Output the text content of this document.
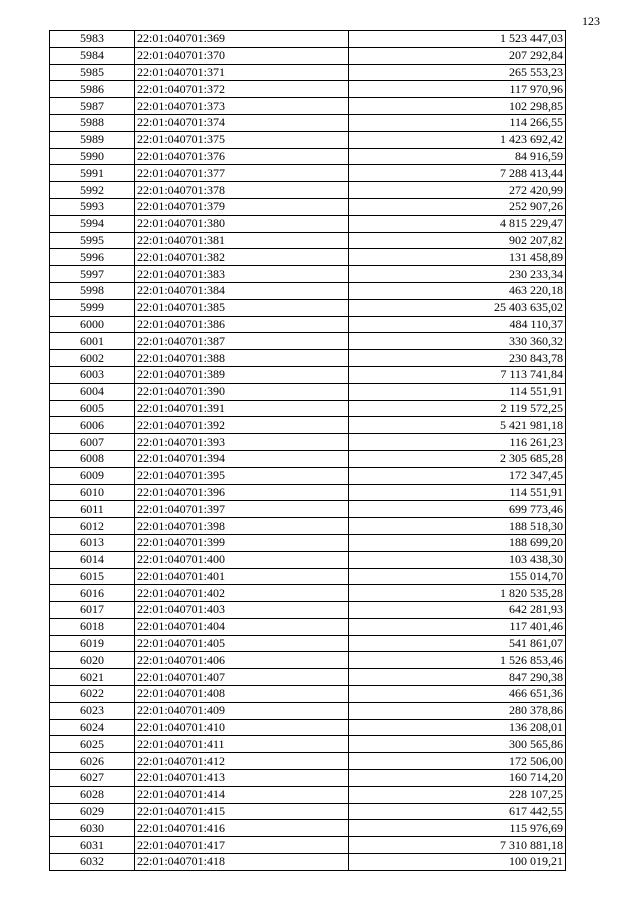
123
5983	22:01:040701:369	1 523 447,03
5984	22:01:040701:370	207 292,84
5985	22:01:040701:371	265 553,23
5986	22:01:040701:372	117 970,96
5987	22:01:040701:373	102 298,85
5988	22:01:040701:374	114 266,55
5989	22:01:040701:375	1 423 692,42
5990	22:01:040701:376	84 916,59
5991	22:01:040701:377	7 288 413,44
5992	22:01:040701:378	272 420,99
5993	22:01:040701:379	252 907,26
5994	22:01:040701:380	4 815 229,47
5995	22:01:040701:381	902 207,82
5996	22:01:040701:382	131 458,89
5997	22:01:040701:383	230 233,34
5998	22:01:040701:384	463 220,18
5999	22:01:040701:385	25 403 635,02
6000	22:01:040701:386	484 110,37
6001	22:01:040701:387	330 360,32
6002	22:01:040701:388	230 843,78
6003	22:01:040701:389	7 113 741,84
6004	22:01:040701:390	114 551,91
6005	22:01:040701:391	2 119 572,25
6006	22:01:040701:392	5 421 981,18
6007	22:01:040701:393	116 261,23
6008	22:01:040701:394	2 305 685,28
6009	22:01:040701:395	172 347,45
6010	22:01:040701:396	114 551,91
6011	22:01:040701:397	699 773,46
6012	22:01:040701:398	188 518,30
6013	22:01:040701:399	188 699,20
6014	22:01:040701:400	103 438,30
6015	22:01:040701:401	155 014,70
6016	22:01:040701:402	1 820 535,28
6017	22:01:040701:403	642 281,93
6018	22:01:040701:404	117 401,46
6019	22:01:040701:405	541 861,07
6020	22:01:040701:406	1 526 853,46
6021	22:01:040701:407	847 290,38
6022	22:01:040701:408	466 651,36
6023	22:01:040701:409	280 378,86
6024	22:01:040701:410	136 208,01
6025	22:01:040701:411	300 565,86
6026	22:01:040701:412	172 506,00
6027	22:01:040701:413	160 714,20
6028	22:01:040701:414	228 107,25
6029	22:01:040701:415	617 442,55
6030	22:01:040701:416	115 976,69
6031	22:01:040701:417	7 310 881,18
6032	22:01:040701:418	100 019,21
